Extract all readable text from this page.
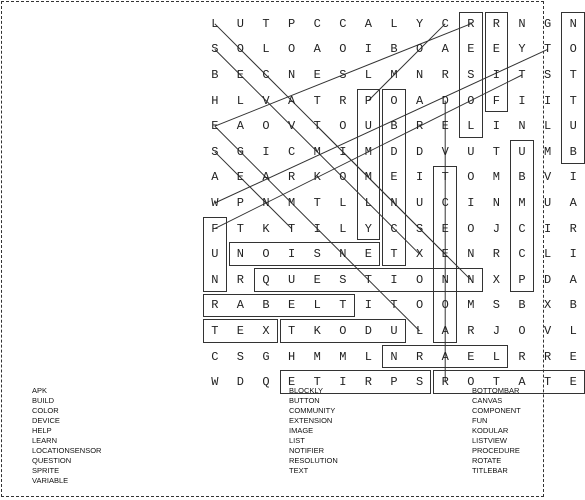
L	U	T	P	C	C	A	L	Y	C	R	R	N	G	N
S	O	L	O	A	O	I	B	O	A	E	E	Y	T	O
B	E	C	N	E	S	L	M	N	R	S	I	T	S	T
H	L	V	A	T	R	P	O	A	D	O	F	I	I	T
E	A	O	V	T	O	U	B	R	E	L	I	N	L	U
S	G	I	C	M	I	M	D	D	V	U	T	U	M	B
A	E	A	R	K	O	M	E	I	T	O	M	B	V	I
W	P	N	M	T	L	L	N	U	C	I	N	M	U	A
F	T	K	T	I	L	Y	C	S	E	O	J	C	I	R
U	N	O	I	S	N	E	T	X	E	N	R	C	L	I
N	R	Q	U	E	S	T	I	O	N	N	X	P	D	A
R	A	B	E	L	T	I	T	O	O	M	S	B	X	B
T	E	X	T	K	O	D	U	L	A	R	J	O	V	L
C	S	G	H	M	M	L	N	R	A	E	L	R	R	E
W	D	Q	E	T	I	R	P	S	R	O	T	A	T	E
APK
BUILD
COLOR
DEVICE
HELP
LEARN
LOCATIONSENSOR
QUESTION
SPRITE
VARIABLE
BLOCKLY
BUTTON
COMMUNITY
EXTENSION
IMAGE
LIST
NOTIFIER
RESOLUTION
TEXT
BOTTOMBAR
CANVAS
COMPONENT
FUN
KODULAR
LISTVIEW
PROCEDURE
ROTATE
TITLEBAR
